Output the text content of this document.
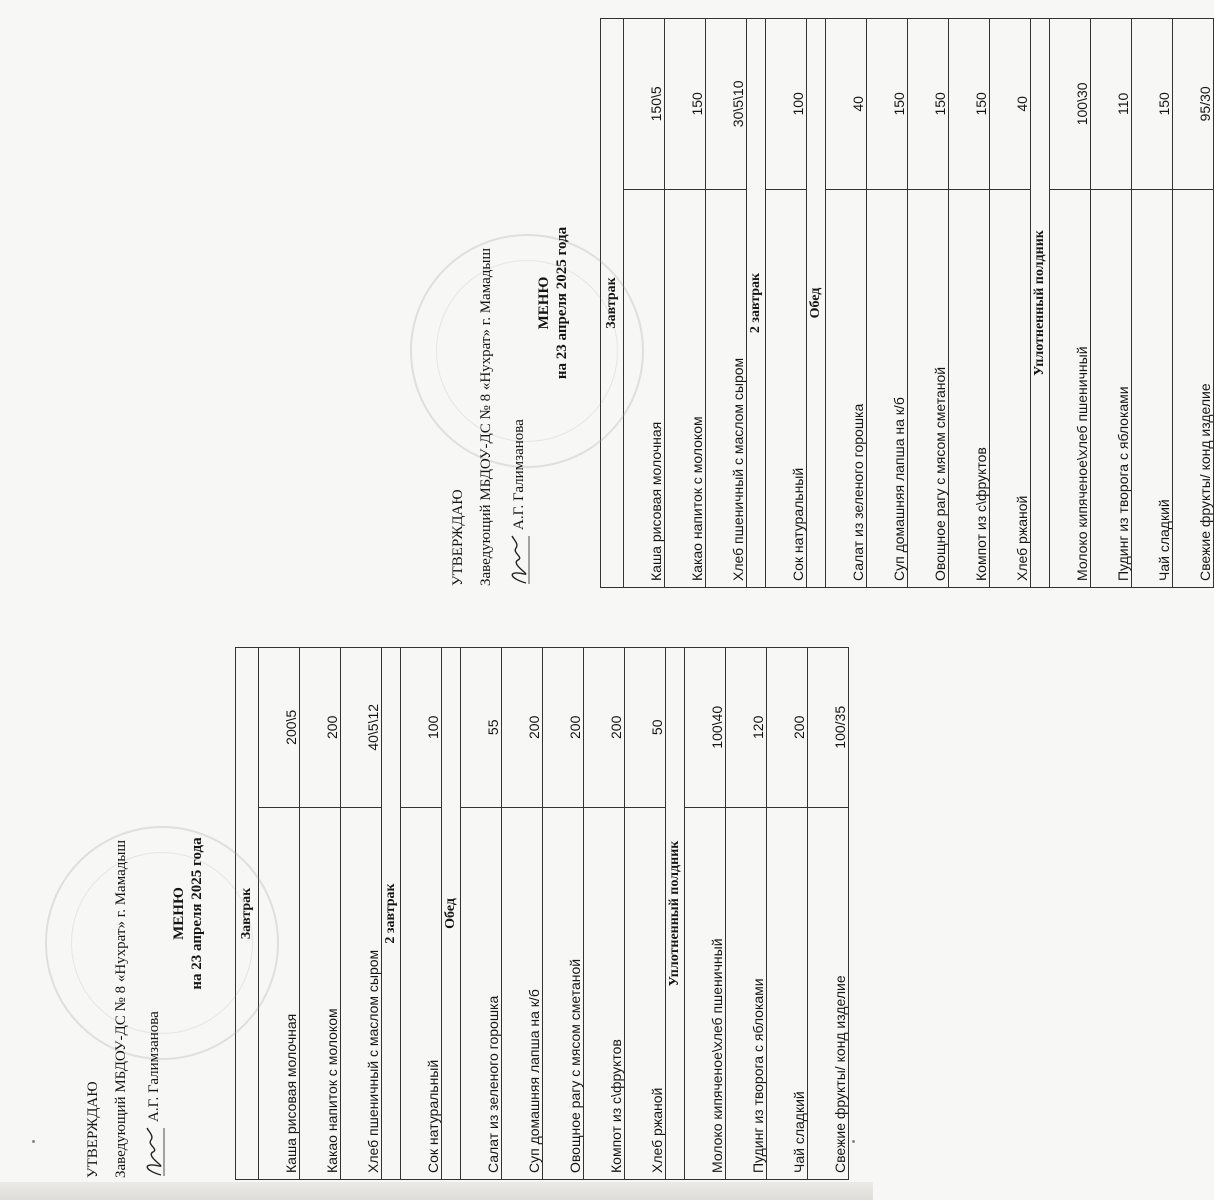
УТВЕРЖДАЮ Заведующий МБДОУ-ДС № 8 «Нухрат» г. Мамадыш А.Г. Галимзанова
МЕНЮ на 23 апреля 2025 года Завтрак	
Каша рисовая молочная	200\5
Какао напиток с молоком	200
Хлеб пшеничный с маслом сыром	40\5\12
2 завтрак	
Сок натуральный	100
Обед	
Салат из зеленого горошка	55
Суп домашняя лапша на к/б	200
Овощное рагу с мясом сметаной	200
Компот из с\фруктов	200
Хлеб ржаной	50
Уплотненный полдник	
Молоко кипяченое\хлеб пшеничный	100\40
Пудинг из творога с яблоками	120
Чай сладкий	200
Свежие фрукты/ конд изделие	100/35
УТВЕРЖДАЮ Заведующий МБДОУ-ДС № 8 «Нухрат» г. Мамадыш А.Г. Галимзанова
МЕНЮ на 23 апреля 2025 года Завтрак	
Каша рисовая молочная	150\5
Какао напиток с молоком	150
Хлеб пшеничный с маслом сыром	30\5\10
2 завтрак	
Сок натуральный	100
Обед	
Салат из зеленого горошка	40
Суп домашняя лапша на к/б	150
Овощное рагу с мясом сметаной	150
Компот из с\фруктов	150
Хлеб ржаной	40
Уплотненный полдник	
Молоко кипяченое\хлеб пшеничный	100\30
Пудинг из творога с яблоками	110
Чай сладкий	150
Свежие фрукты/ конд изделие	95/30
